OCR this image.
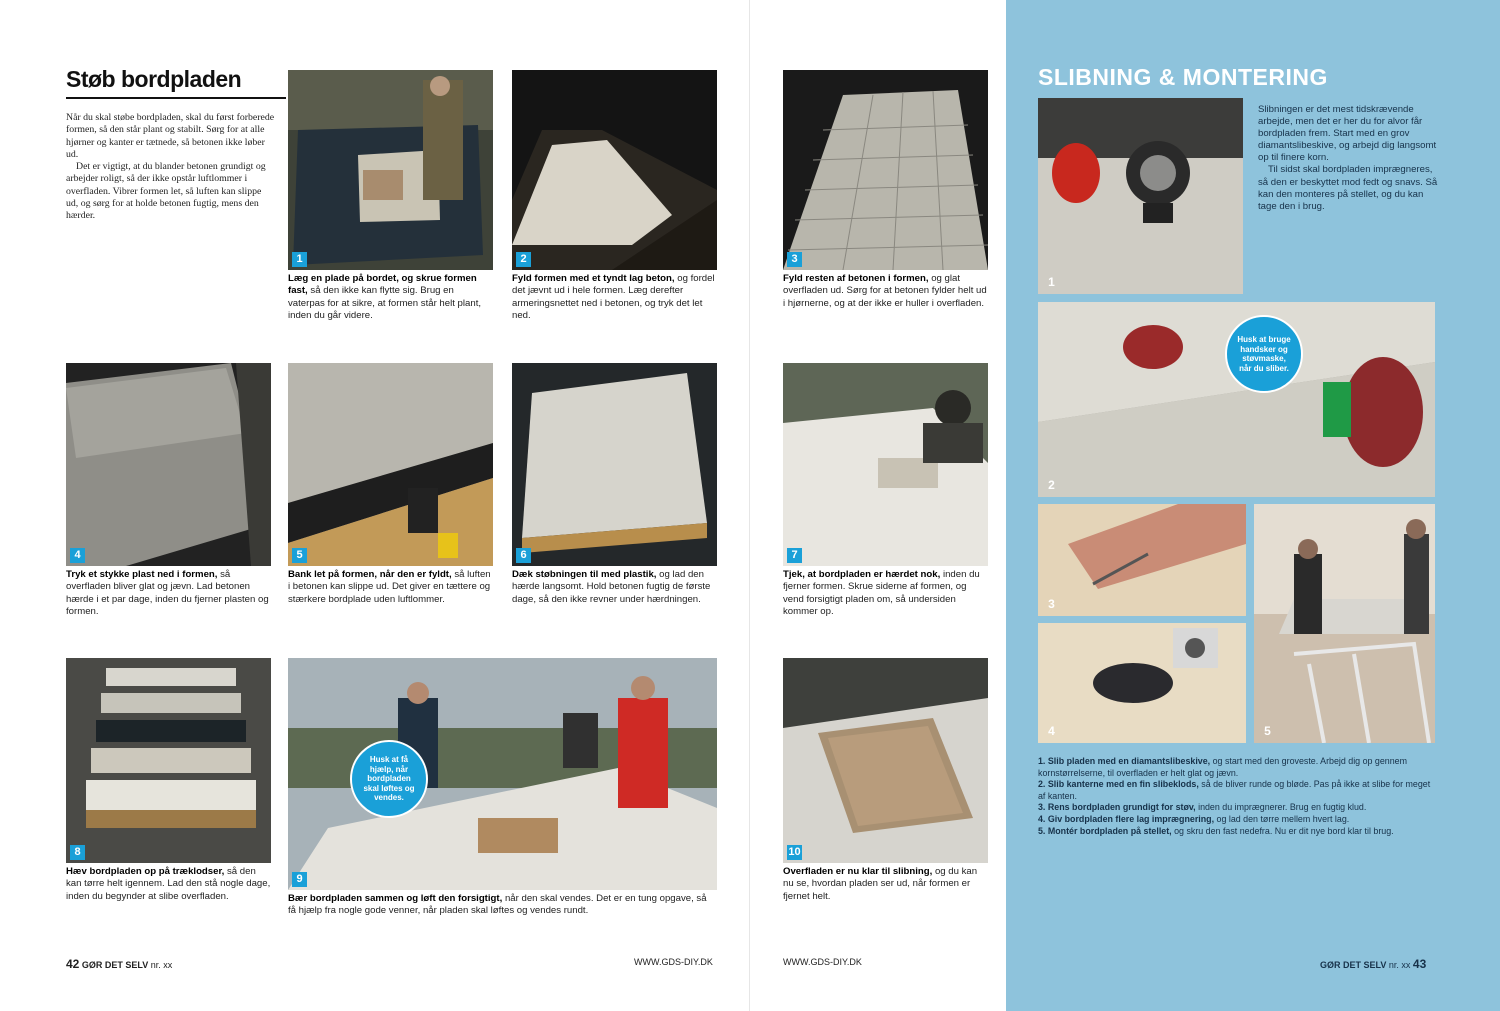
Støb bordpladen

Når du skal støbe bordpladen, skal du først forberede formen, så den står plant og stabilt. Sørg for at alle hjørner og kanter er tætnede, så betonen ikke løber ud.

Det er vigtigt, at du blander betonen grundigt og arbejder roligt, så der ikke opstår luftlommer i overfladen. Vibrer formen let, så luften kan slippe ud, og sørg for at holde betonen fugtig, mens den hærder.

1	2
4	5	6
8
9
Husk at få hjælp, når bordpladen skal løftes og vendes.
Læg en plade på bordet, og skrue formen fast, så den ikke kan flytte sig. Brug en vaterpas for at sikre, at formen står helt plant, inden du går videre.
Fyld formen med et tyndt lag beton, og fordel det jævnt ud i hele formen. Læg derefter armeringsnettet ned i betonen, og tryk det let ned.
Tryk et stykke plast ned i formen, så overfladen bliver glat og jævn. Lad betonen hærde i et par dage, inden du fjerner plasten og formen.
Bank let på formen, når den er fyldt, så luften i betonen kan slippe ud. Det giver en tættere og stærkere bordplade uden luftlommer.
Dæk støbningen til med plastik, og lad den hærde langsomt. Hold betonen fugtig de første dage, så den ikke revner under hærdningen.
Hæv bordpladen op på træklodser, så den kan tørre helt igennem. Lad den stå nogle dage, inden du begynder at slibe overfladen.	Bær bordpladen sammen og løft den forsigtigt, når den skal vendes. Det er en tung opgave, så få hjælp fra nogle gode venner, når pladen skal løftes og vendes rundt.
42 GØR DET SELV nr. xx	WWW.GDS-DIY.DK
3
7
10
Fyld resten af betonen i formen, og glat overfladen ud. Sørg for at betonen fylder helt ud i hjørnerne, og at der ikke er huller i overfladen.
Tjek, at bordpladen er hærdet nok, inden du fjerner formen. Skrue siderne af formen, og vend forsigtigt pladen om, så undersiden kommer op.
Overfladen er nu klar til slibning, og du kan nu se, hvordan pladen ser ud, når formen er fjernet helt.
WWW.GDS-DIY.DK
SLIBNING & MONTERING
1

Slibningen er det mest tidskrævende arbejde, men det er her du for alvor får bordpladen frem. Start med en grov diamantslibeskive, og arbejd dig langsomt op til finere korn.

Til sidst skal bordpladen imprægneres, så den er beskyttet mod fedt og snavs. Så kan den monteres på stellet, og du kan tage den i brug.

2
Husk at bruge handsker og støvmaske, når du sliber.
3
4	5

1. Slib pladen med en diamantslibeskive, og start med den groveste. Arbejd dig op gennem kornstørrelserne, til overfladen er helt glat og jævn.

2. Slib kanterne med en fin slibeklods, så de bliver runde og bløde. Pas på ikke at slibe for meget af kanten.

3. Rens bordpladen grundigt for støv, inden du imprægnerer. Brug en fugtig klud.

4. Giv bordpladen flere lag imprægnering, og lad den tørre mellem hvert lag.

5. Montér bordpladen på stellet, og skru den fast nedefra. Nu er dit nye bord klar til brug.

GØR DET SELV nr. xx 43
